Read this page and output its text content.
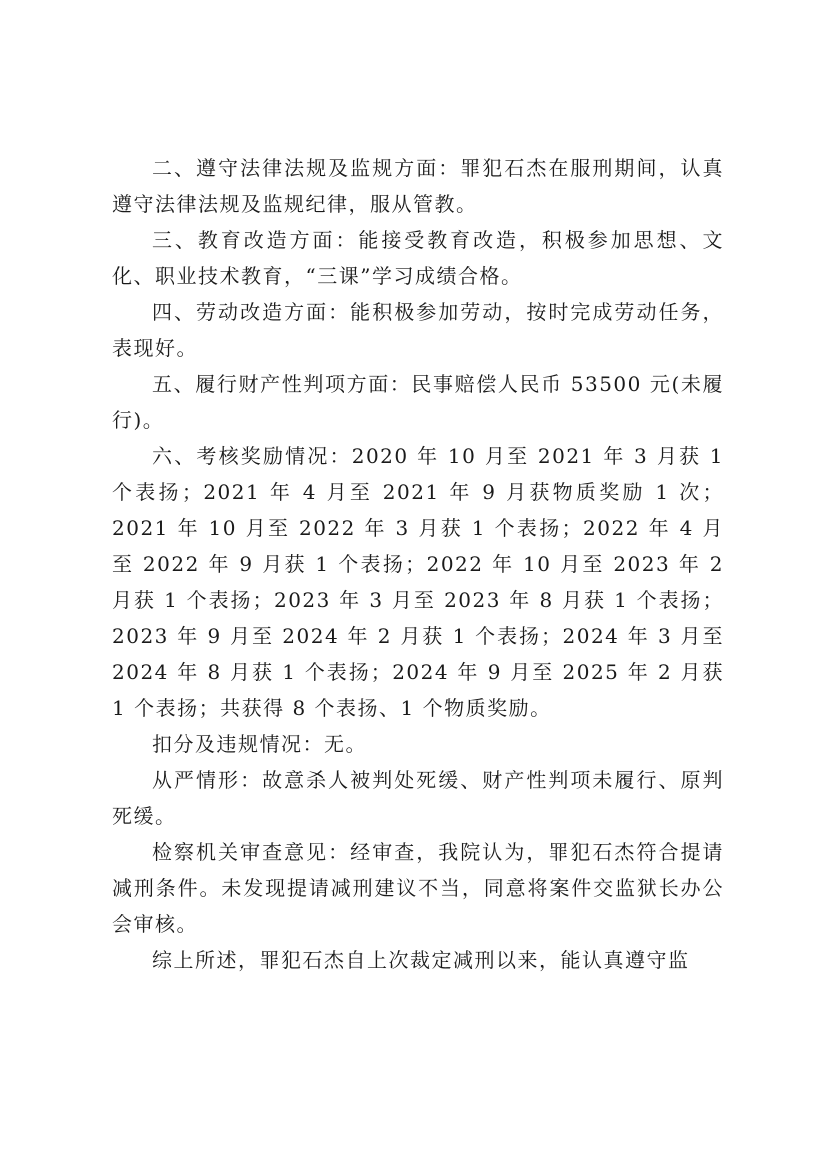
二、遵守法律法规及监规方面：罪犯石杰在服刑期间，认真遵守法律法规及监规纪律，服从管教。

三、教育改造方面：能接受教育改造，积极参加思想、文化、职业技术教育，“三课”学习成绩合格。

四、劳动改造方面：能积极参加劳动，按时完成劳动任务，表现好。

五、履行财产性判项方面：民事赔偿人民币 53500 元(未履行)。

六、考核奖励情况：2020 年 10 月至 2021 年 3 月获 1 个表扬；2021 年 4 月至 2021 年 9 月获物质奖励 1 次；2021 年 10 月至 2022 年 3 月获 1 个表扬；2022 年 4 月至 2022 年 9 月获 1 个表扬；2022 年 10 月至 2023 年 2 月获 1 个表扬；2023 年 3 月至 2023 年 8 月获 1 个表扬；2023 年 9 月至 2024 年 2 月获 1 个表扬；2024 年 3 月至 2024 年 8 月获 1 个表扬；2024 年 9 月至 2025 年 2 月获 1 个表扬；共获得 8 个表扬、1 个物质奖励。

扣分及违规情况：无。

从严情形：故意杀人被判处死缓、财产性判项未履行、原判死缓。

检察机关审查意见：经审查，我院认为，罪犯石杰符合提请减刑条件。未发现提请减刑建议不当，同意将案件交监狱长办公会审核。

综上所述，罪犯石杰自上次裁定减刑以来，能认真遵守监
